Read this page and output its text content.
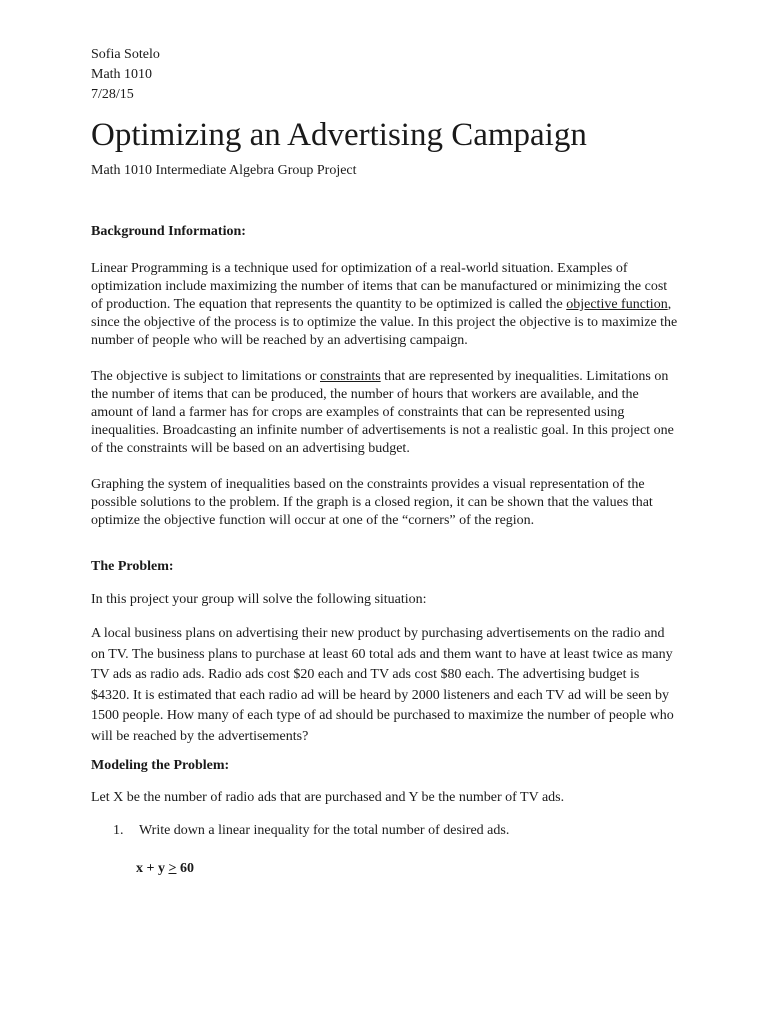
Sofia Sotelo
Math 1010
7/28/15
Optimizing an Advertising Campaign
Math 1010 Intermediate Algebra Group Project
Background Information:

Linear Programming is a technique used for optimization of a real-world situation. Examples of optimization include maximizing the number of items that can be manufactured or minimizing the cost of production. The equation that represents the quantity to be optimized is called the objective function, since the objective of the process is to optimize the value. In this project the objective is to maximize the number of people who will be reached by an advertising campaign.

The objective is subject to limitations or constraints that are represented by inequalities. Limitations on the number of items that can be produced, the number of hours that workers are available, and the amount of land a farmer has for crops are examples of constraints that can be represented using inequalities. Broadcasting an infinite number of advertisements is not a realistic goal. In this project one of the constraints will be based on an advertising budget.

Graphing the system of inequalities based on the constraints provides a visual representation of the possible solutions to the problem. If the graph is a closed region, it can be shown that the values that optimize the objective function will occur at one of the “corners” of the region.

The Problem:

In this project your group will solve the following situation:

A local business plans on advertising their new product by purchasing advertisements on the radio and on TV. The business plans to purchase at least 60 total ads and them want to have at least twice as many TV ads as radio ads. Radio ads cost $20 each and TV ads cost $80 each. The advertising budget is $4320. It is estimated that each radio ad will be heard by 2000 listeners and each TV ad will be seen by 1500 people. How many of each type of ad should be purchased to maximize the number of people who will be reached by the advertisements?

Modeling the Problem:

Let X be the number of radio ads that are purchased and Y be the number of TV ads.

1. Write down a linear inequality for the total number of desired ads.
x + y ≥ 60
